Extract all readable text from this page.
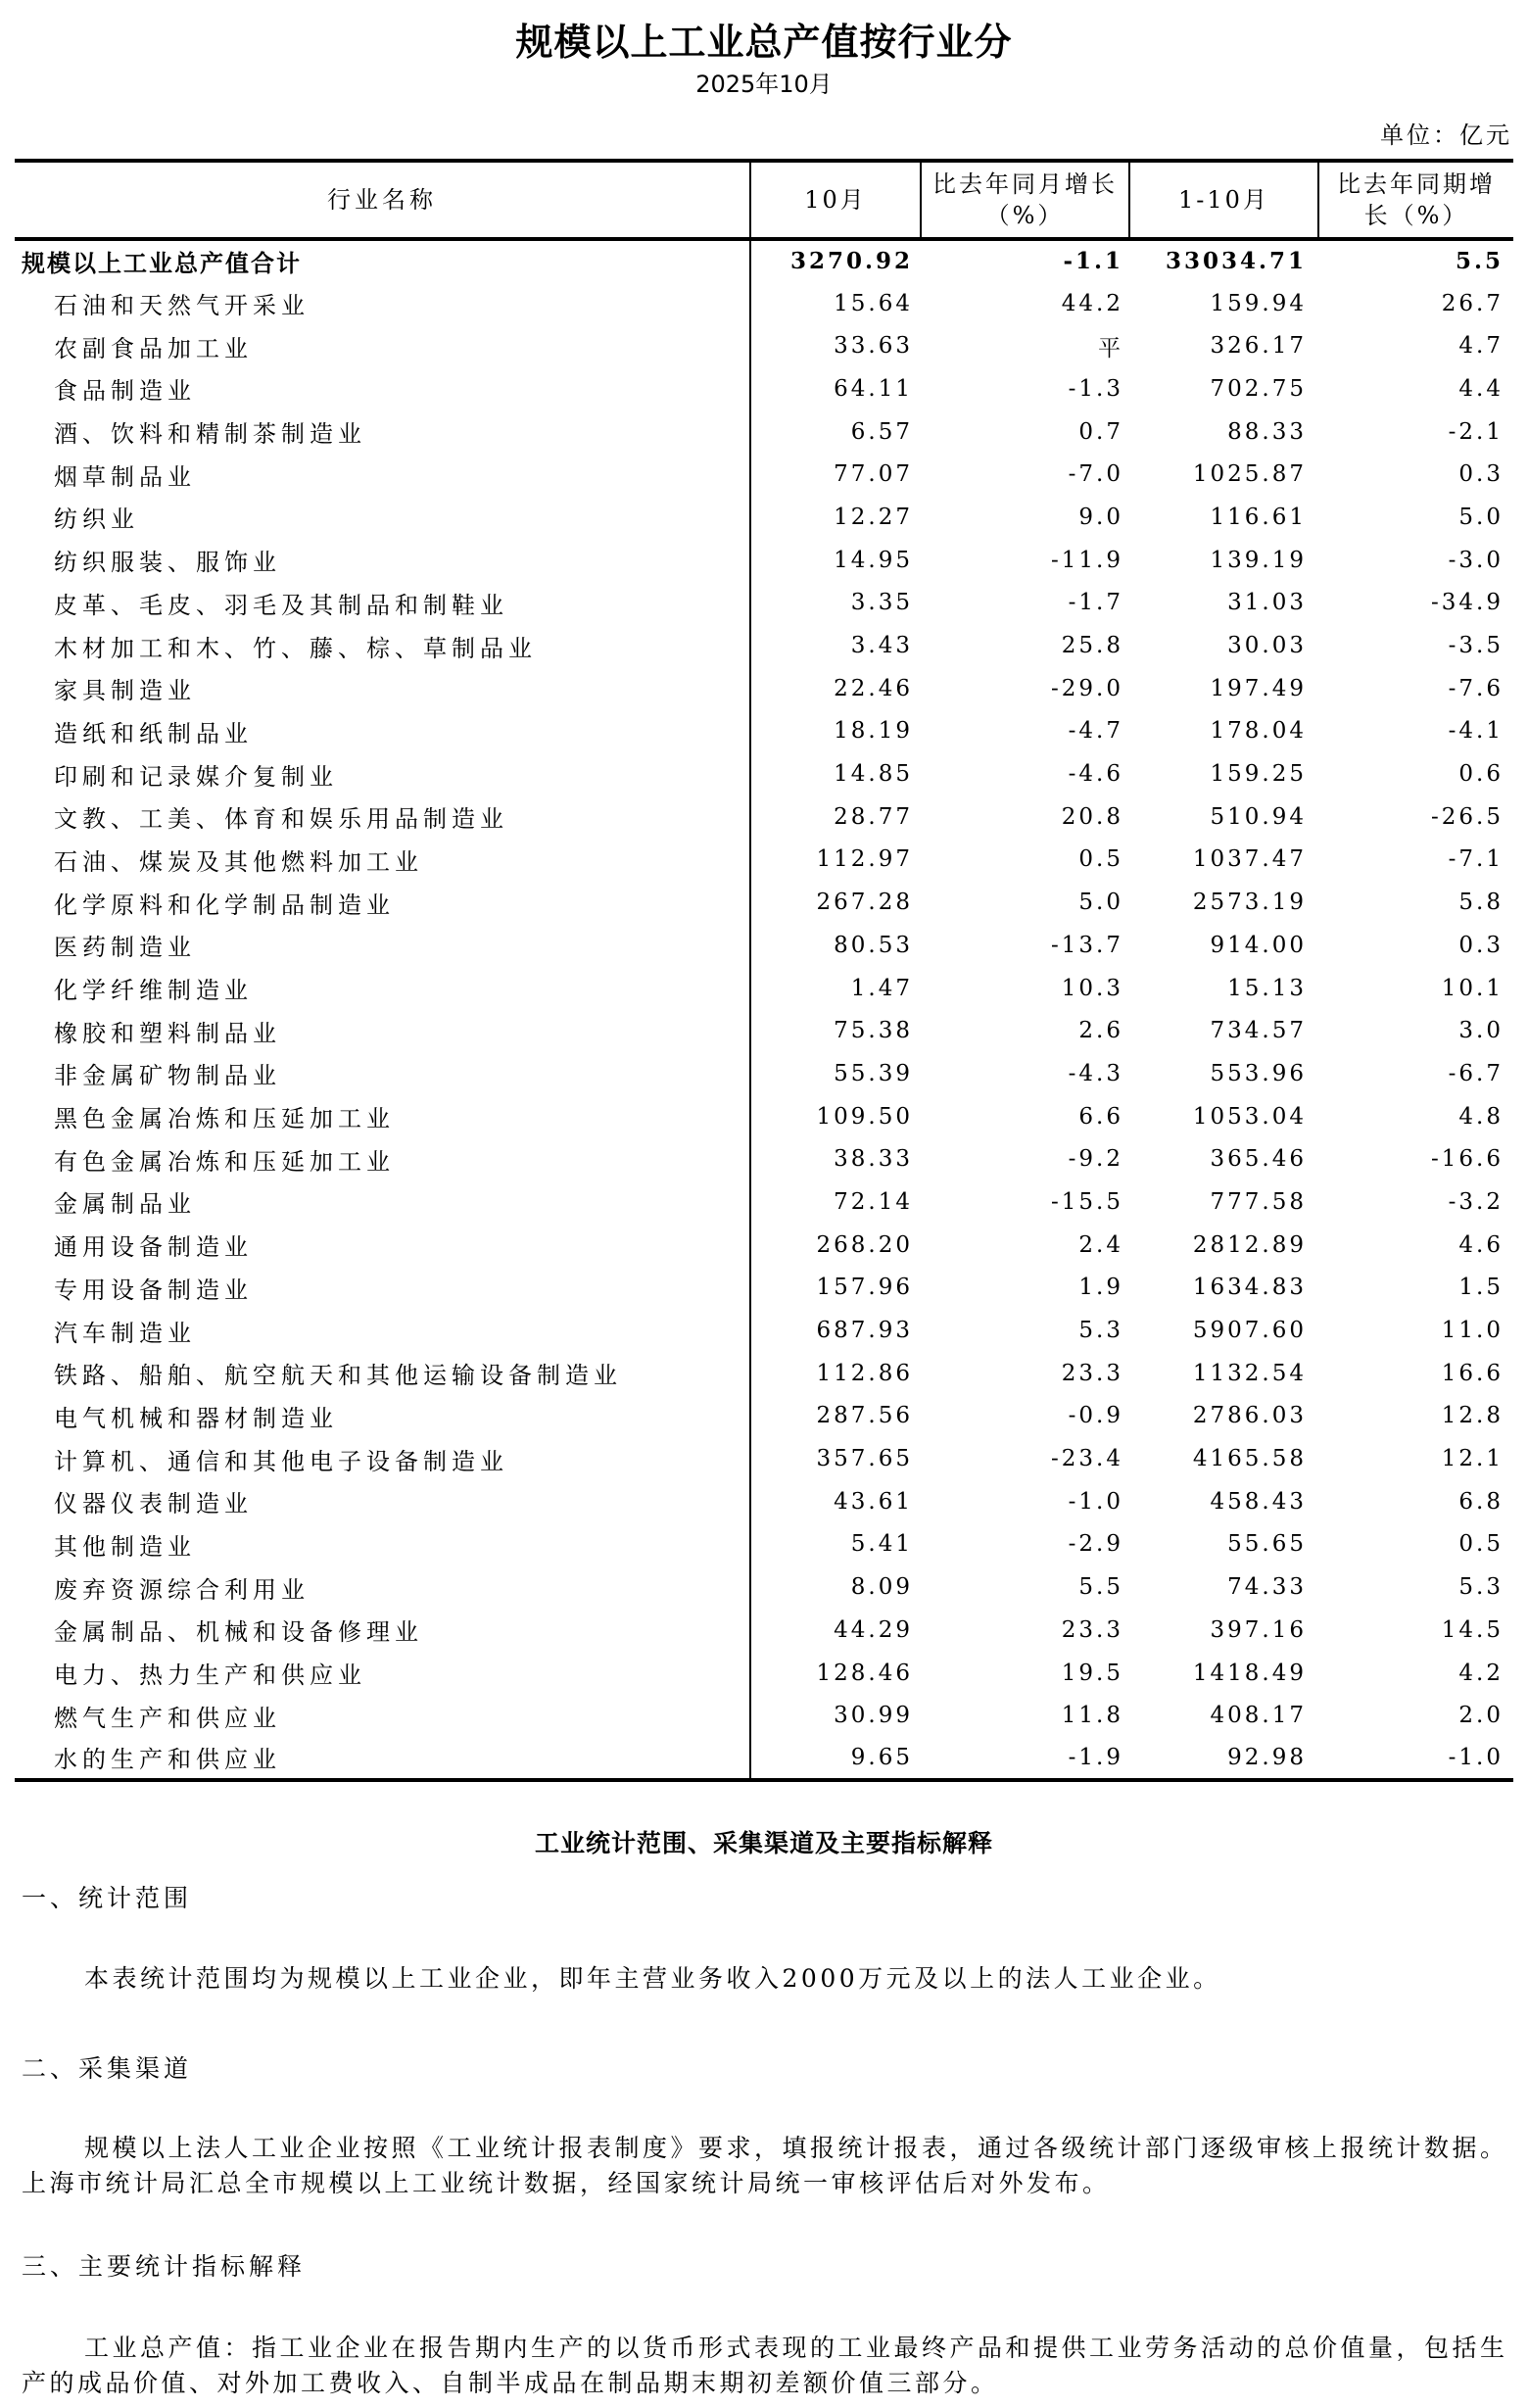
规模以上工业总产值按行业分
2025年10月
单位：亿元
行业名称	10月	比去年同月增长（%）	1-10月	比去年同期增长（%）
规模以上工业总产值合计	3270.92	-1.1	33034.71	5.5
石油和天然气开采业	15.64	44.2	159.94	26.7
农副食品加工业	33.63	平	326.17	4.7
食品制造业	64.11	-1.3	702.75	4.4
酒、饮料和精制茶制造业	6.57	0.7	88.33	-2.1
烟草制品业	77.07	-7.0	1025.87	0.3
纺织业	12.27	9.0	116.61	5.0
纺织服装、服饰业	14.95	-11.9	139.19	-3.0
皮革、毛皮、羽毛及其制品和制鞋业	3.35	-1.7	31.03	-34.9
木材加工和木、竹、藤、棕、草制品业	3.43	25.8	30.03	-3.5
家具制造业	22.46	-29.0	197.49	-7.6
造纸和纸制品业	18.19	-4.7	178.04	-4.1
印刷和记录媒介复制业	14.85	-4.6	159.25	0.6
文教、工美、体育和娱乐用品制造业	28.77	20.8	510.94	-26.5
石油、煤炭及其他燃料加工业	112.97	0.5	1037.47	-7.1
化学原料和化学制品制造业	267.28	5.0	2573.19	5.8
医药制造业	80.53	-13.7	914.00	0.3
化学纤维制造业	1.47	10.3	15.13	10.1
橡胶和塑料制品业	75.38	2.6	734.57	3.0
非金属矿物制品业	55.39	-4.3	553.96	-6.7
黑色金属冶炼和压延加工业	109.50	6.6	1053.04	4.8
有色金属冶炼和压延加工业	38.33	-9.2	365.46	-16.6
金属制品业	72.14	-15.5	777.58	-3.2
通用设备制造业	268.20	2.4	2812.89	4.6
专用设备制造业	157.96	1.9	1634.83	1.5
汽车制造业	687.93	5.3	5907.60	11.0
铁路、船舶、航空航天和其他运输设备制造业	112.86	23.3	1132.54	16.6
电气机械和器材制造业	287.56	-0.9	2786.03	12.8
计算机、通信和其他电子设备制造业	357.65	-23.4	4165.58	12.1
仪器仪表制造业	43.61	-1.0	458.43	6.8
其他制造业	5.41	-2.9	55.65	0.5
废弃资源综合利用业	8.09	5.5	74.33	5.3
金属制品、机械和设备修理业	44.29	23.3	397.16	14.5
电力、热力生产和供应业	128.46	19.5	1418.49	4.2
燃气生产和供应业	30.99	11.8	408.17	2.0
水的生产和供应业	9.65	-1.9	92.98	-1.0
工业统计范围、采集渠道及主要指标解释
一、统计范围
本表统计范围均为规模以上工业企业，即年主营业务收入2000万元及以上的法人工业企业。
二、采集渠道
规模以上法人工业企业按照《工业统计报表制度》要求，填报统计报表，通过各级统计部门逐级审核上报统计数据。上海市统计局汇总全市规模以上工业统计数据，经国家统计局统一审核评估后对外发布。
三、主要统计指标解释
工业总产值：指工业企业在报告期内生产的以货币形式表现的工业最终产品和提供工业劳务活动的总价值量，包括生产的成品价值、对外加工费收入、自制半成品在制品期末期初差额价值三部分。
